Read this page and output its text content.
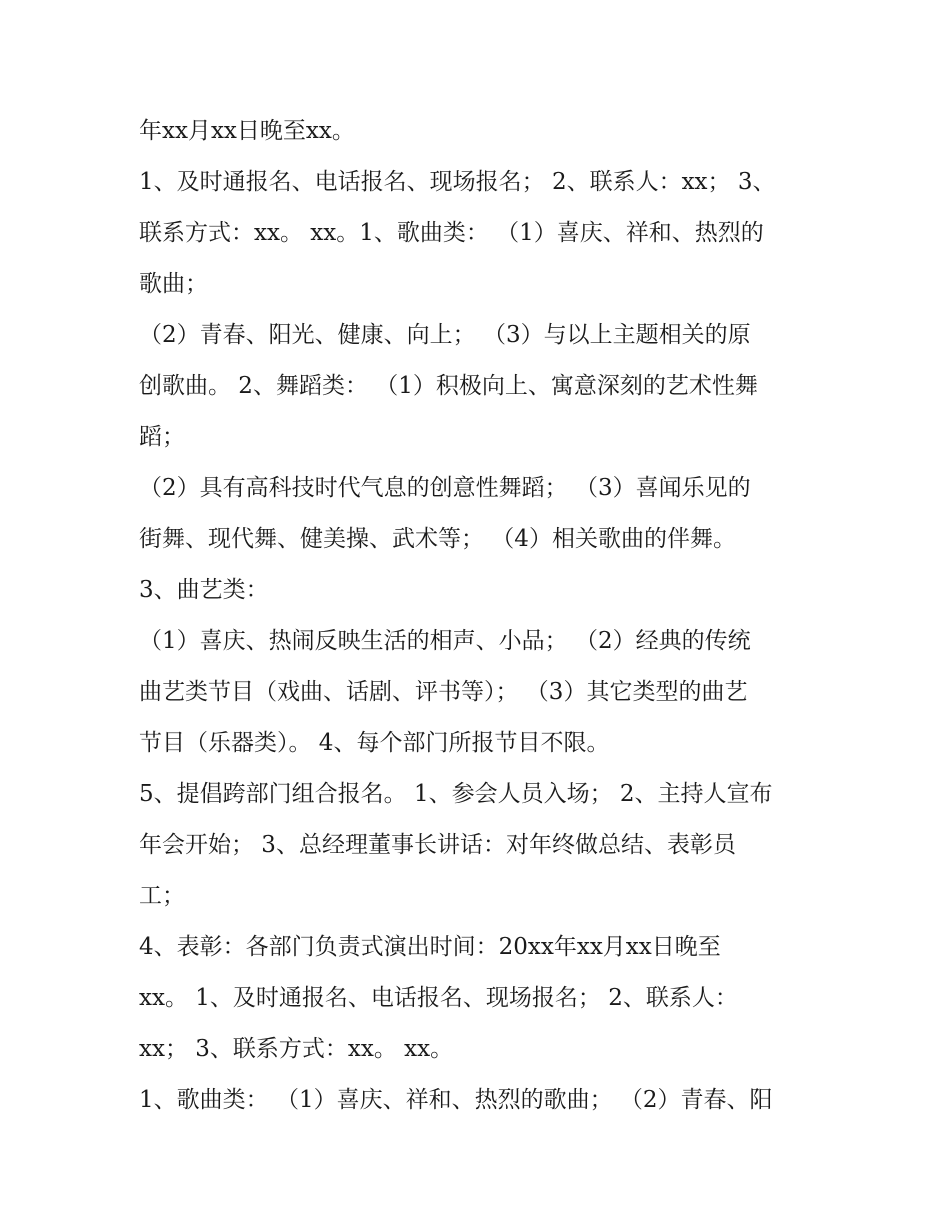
年xx月xx日晚至xx。
1、及时通报名、电话报名、现场报名； 2、联系人：xx； 3、
联系方式：xx。 xx。1、歌曲类： （1）喜庆、祥和、热烈的
歌曲；
（2）青春、阳光、健康、向上； （3）与以上主题相关的原
创歌曲。 2、舞蹈类： （1）积极向上、寓意深刻的艺术性舞
蹈；
（2）具有高科技时代气息的创意性舞蹈； （3）喜闻乐见的
街舞、现代舞、健美操、武术等； （4）相关歌曲的伴舞。
3、曲艺类：
（1）喜庆、热闹反映生活的相声、小品； （2）经典的传统
曲艺类节目（戏曲、话剧、评书等）； （3）其它类型的曲艺
节目（乐器类）。 4、每个部门所报节目不限。
5、提倡跨部门组合报名。 1、参会人员入场； 2、主持人宣布
年会开始； 3、总经理董事长讲话：对年终做总结、表彰员
工；
4、表彰：各部门负责式演出时间：20xx年xx月xx日晚至
xx。 1、及时通报名、电话报名、现场报名； 2、联系人：
xx； 3、联系方式：xx。 xx。
1、歌曲类： （1）喜庆、祥和、热烈的歌曲； （2）青春、阳
